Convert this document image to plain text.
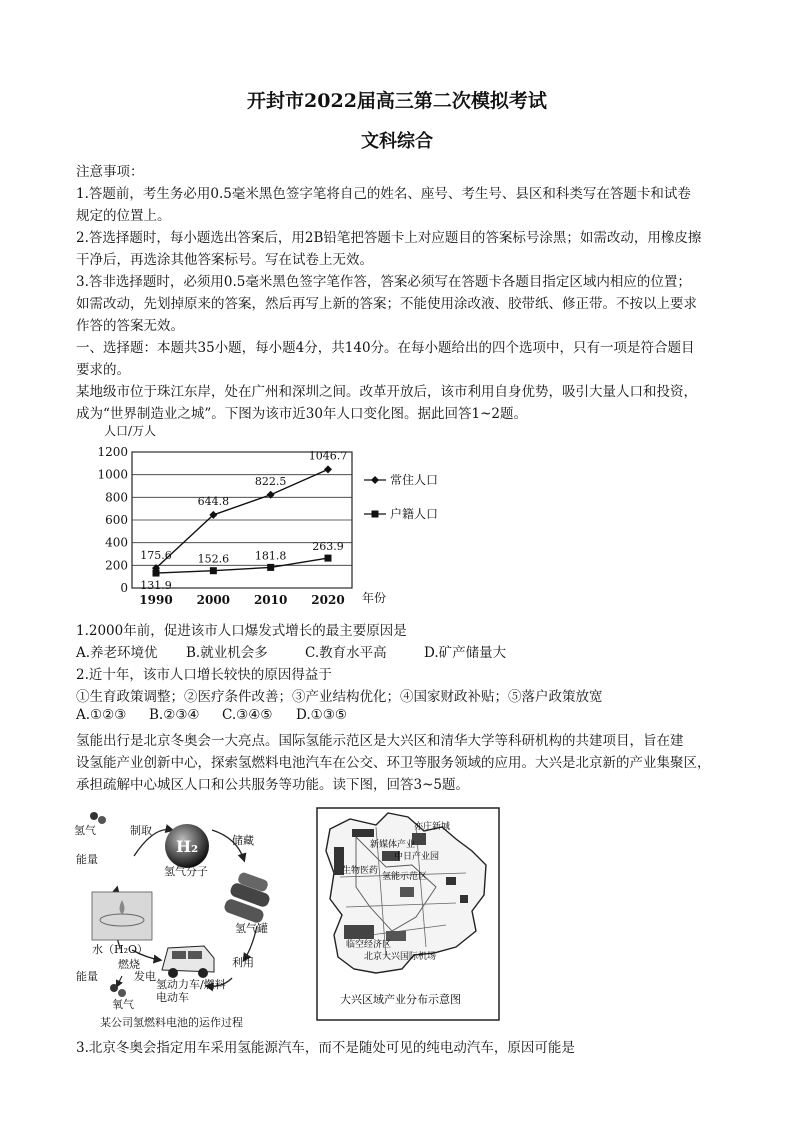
开封市2022届高三第二次模拟考试
文科综合
注意事项：
1.答题前，考生务必用0.5毫米黑色签字笔将自己的姓名、座号、考生号、县区和科类写在答题卡和试卷
规定的位置上。
2.答选择题时，每小题选出答案后，用2B铅笔把答题卡上对应题目的答案标号涂黑；如需改动，用橡皮擦
干净后，再选涂其他答案标号。写在试卷上无效。
3.答非选择题时，必须用0.5毫米黑色签字笔作答，答案必须写在答题卡各题目指定区域内相应的位置；
如需改动，先划掉原来的答案，然后再写上新的答案；不能使用涂改液、胶带纸、修正带。不按以上要求
作答的答案无效。
一、选择题：本题共35小题，每小题4分，共140分。在每小题给出的四个选项中，只有一项是符合题目
要求的。
某地级市位于珠江东岸，处在广州和深圳之间。改革开放后，该市利用自身优势，吸引大量人口和投资，
成为“世界制造业之城”。下图为该市近30年人口变化图。据此回答1~2题。
人口/万人
0
200
400
600
800
1000
1200
1990 2000 2010 2020
175.6
644.8
822.5
1046.7
131.9
152.6 181.8
263.9
常住人口
户籍人口
年份
1.2000年前，促进该市人口爆发式增长的最主要原因是
A.养老环境优 B.就业机会多	C.教育水平高	D.矿产储量大
2.近十年，该市人口增长较快的原因得益于
①生育政策调整；②医疗条件改善；③产业结构优化；④国家财政补贴；⑤落户政策放宽
A.①②③ B.②③④ C.③④⑤ D.①③⑤
氢能出行是北京冬奥会一大亮点。国际氢能示范区是大兴区和清华大学等科研机构的共建项目，旨在建
设氢能产业创新中心，探索氢燃料电池汽车在公交、环卫等服务领域的应用。大兴是北京新的产业集聚区，
承担疏解中心城区人口和公共服务等功能。读下图，回答3~5题。
H₂
氢气	制取
储藏
能量
氢气分子
氢气罐
水（H₂O）
燃烧
发电
利用
能量
氧气
氢动力车/燃料电动车
某公司氢燃料电池的运作过程
亦庄新城
新媒体产业
中日产业园
生物医药
氢能示范区
临空经济区
北京大兴国际机场
大兴区域产业分布示意图
3.北京冬奥会指定用车采用氢能源汽车，而不是随处可见的纯电动汽车，原因可能是
